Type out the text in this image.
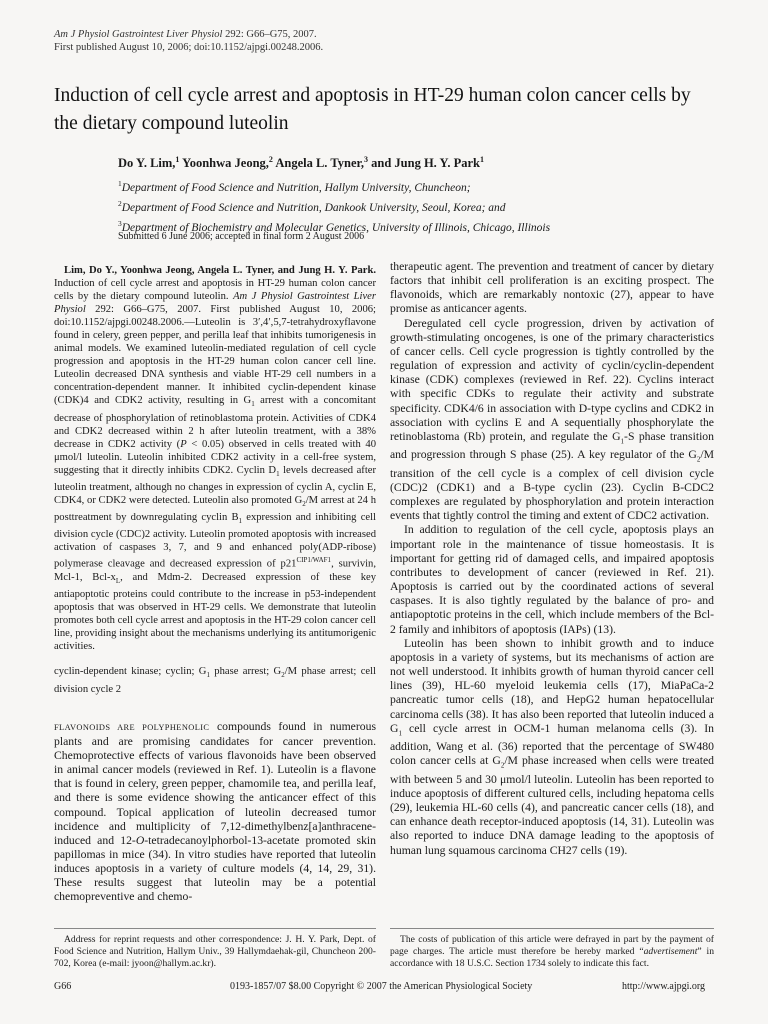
Am J Physiol Gastrointest Liver Physiol 292: G66–G75, 2007.
First published August 10, 2006; doi:10.1152/ajpgi.00248.2006.
Induction of cell cycle arrest and apoptosis in HT-29 human colon cancer cells by the dietary compound luteolin
Do Y. Lim,$^1$ Yoonhwa Jeong,$^2$ Angela L. Tyner,$^3$ and Jung H. Y. Park$^1$
$^1$Department of Food Science and Nutrition, Hallym University, Chuncheon;
$^2$Department of Food Science and Nutrition, Dankook University, Seoul, Korea; and
$^3$Department of Biochemistry and Molecular Genetics, University of Illinois, Chicago, Illinois
Submitted 6 June 2006; accepted in final form 2 August 2006

Lim, Do Y., Yoonhwa Jeong, Angela L. Tyner, and Jung H. Y. Park. Induction of cell cycle arrest and apoptosis in HT-29 human colon cancer cells by the dietary compound luteolin. Am J Physiol Gastrointest Liver Physiol 292: G66–G75, 2007. First published August 10, 2006; doi:10.1152/ajpgi.00248.2006.—Luteolin is 3′,4′,5,7-tetrahydroxyflavone found in celery, green pepper, and perilla leaf that inhibits tumorigenesis in animal models. We examined luteolin-mediated regulation of cell cycle progression and apoptosis in the HT-29 human colon cancer cell line. Luteolin decreased DNA synthesis and viable HT-29 cell numbers in a concentration-dependent manner. It inhibited cyclin-dependent kinase (CDK)4 and CDK2 activity, resulting in $G_1$ arrest with a concomitant decrease of phosphorylation of retinoblastoma protein. Activities of CDK4 and CDK2 decreased within 2 h after luteolin treatment, with a 38% decrease in CDK2 activity (P < 0.05) observed in cells treated with 40 μmol/l luteolin. Luteolin inhibited CDK2 activity in a cell-free system, suggesting that it directly inhibits CDK2. Cyclin $D_1$ levels decreased after luteolin treatment, although no changes in expression of cyclin A, cyclin E, CDK4, or CDK2 were detected. Luteolin also promoted $G_2/M$ arrest at 24 h posttreatment by downregulating cyclin $B_1$ expression and inhibiting cell division cycle (CDC)2 activity. Luteolin promoted apoptosis with increased activation of caspases 3, 7, and 9 and enhanced poly(ADP-ribose) polymerase cleavage and decreased expression of $p21^{CIP1/WAF1}$, survivin, Mcl-1, Bcl-$x_L$, and Mdm-2. Decreased expression of these key antiapoptotic proteins could contribute to the increase in p53-independent apoptosis that was observed in HT-29 cells. We demonstrate that luteolin promotes both cell cycle arrest and apoptosis in the HT-29 colon cancer cell line, providing insight about the mechanisms underlying its antitumorigenic activities.

cyclin-dependent kinase; cyclin; $G_1$ phase arrest; $G_2/M$ phase arrest; cell division cycle 2
FLAVONOIDS ARE POLYPHENOLIC compounds found in numerous plants and are promising candidates for cancer prevention. Chemoprotective effects of various flavonoids have been observed in animal cancer models (reviewed in Ref. 1). Luteolin is a flavone that is found in celery, green pepper, chamomile tea, and perilla leaf, and there is some evidence showing the anticancer effect of this compound. Topical application of luteolin decreased tumor incidence and multiplicity of 7,12-dimethylbenz[a]anthracene-induced and 12-O-tetradecanoylphorbol-13-acetate promoted skin papillomas in mice (34). In vitro studies have reported that luteolin induces apoptosis in a variety of culture models (4, 14, 29, 31). These results suggest that luteolin may be a potential chemopreventive and chemo-

therapeutic agent. The prevention and treatment of cancer by dietary factors that inhibit cell proliferation is an exciting prospect. The flavonoids, which are remarkably nontoxic (27), appear to have promise as anticancer agents.

Deregulated cell cycle progression, driven by activation of growth-stimulating oncogenes, is one of the primary characteristics of cancer cells. Cell cycle progression is tightly controlled by the regulation of expression and activity of cyclin/cyclin-dependent kinase (CDK) complexes (reviewed in Ref. 22). Cyclins interact with specific CDKs to regulate their activity and substrate specificity. CDK4/6 in association with D-type cyclins and CDK2 in association with cyclins E and A sequentially phosphorylate the retinoblastoma (Rb) protein, and regulate the $G_1-S$ phase transition and progression through S phase (25). A key regulator of the $G_2/M$ transition of the cell cycle is a complex of cell division cycle (CDC)2 (CDK1) and a B-type cyclin (23). Cyclin B-CDC2 complexes are regulated by phosphorylation and protein interaction events that tightly control the timing and extent of CDC2 activation.

In addition to regulation of the cell cycle, apoptosis plays an important role in the maintenance of tissue homeostasis. It is important for getting rid of damaged cells, and impaired apoptosis contributes to development of cancer (reviewed in Ref. 21). Apoptosis is carried out by the coordinated actions of several caspases. It is also tightly regulated by the balance of pro- and antiapoptotic proteins in the cell, which include members of the Bcl-2 family and inhibitors of apoptosis (IAPs) (13).

Luteolin has been shown to inhibit growth and to induce apoptosis in a variety of systems, but its mechanisms of action are not well understood. It inhibits growth of human thyroid cancer cell lines (39), HL-60 myeloid leukemia cells (17), MiaPaCa-2 pancreatic tumor cells (18), and HepG2 human hepatocellular carcinoma cells (38). It has also been reported that luteolin induced a $G_1$ cell cycle arrest in OCM-1 human melanoma cells (3). In addition, Wang et al. (36) reported that the percentage of SW480 colon cancer cells at $G_2/M$ phase increased when cells were treated with between 5 and 30 μmol/l luteolin. Luteolin has been reported to induce apoptosis of different cultured cells, including hepatoma cells (29), leukemia HL-60 cells (4), and pancreatic cancer cells (18), and can enhance death receptor-induced apoptosis (14, 31). Luteolin was also reported to induce DNA damage leading to the apoptosis of human lung squamous carcinoma CH27 cells (19).

Address for reprint requests and other correspondence: J. H. Y. Park, Dept. of Food Science and Nutrition, Hallym Univ., 39 Hallymdaehak-gil, Chuncheon 200-702, Korea (e-mail: jyoon@hallym.ac.kr).

The costs of publication of this article were defrayed in part by the payment of page charges. The article must therefore be hereby marked “advertisement” in accordance with 18 U.S.C. Section 1734 solely to indicate this fact.

G66	0193-1857/07 $8.00 Copyright © 2007 the American Physiological Society	http://www.ajpgi.org
